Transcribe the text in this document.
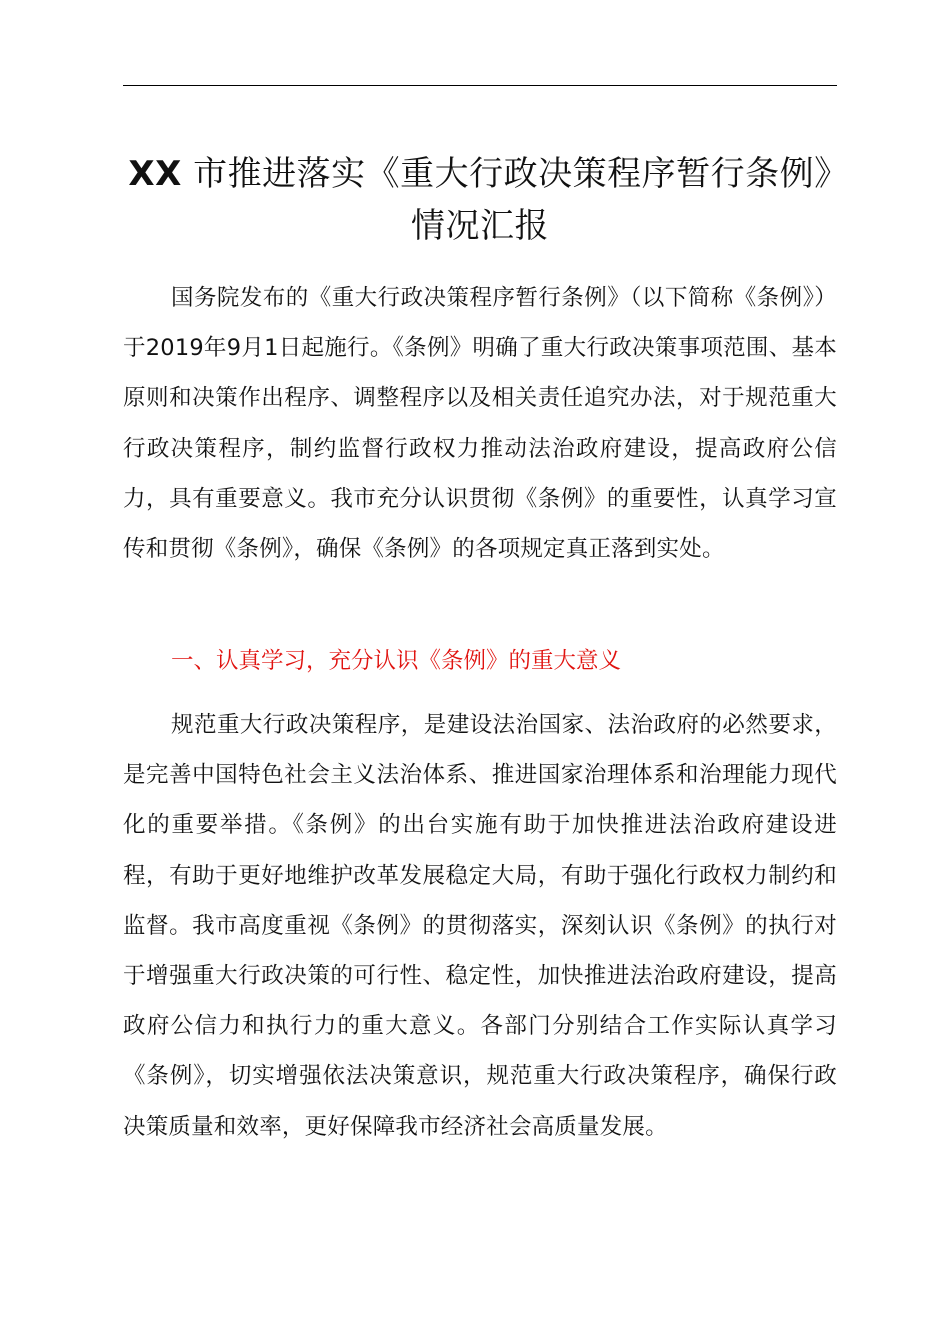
XX 市推进落实《重大行政决策程序暂行条例》情况汇报

国务院发布的《重大行政决策程序暂行条例》（以下简称《条例》）于2019年9月1日起施行。《条例》明确了重大行政决策事项范围、基本原则和决策作出程序、调整程序以及相关责任追究办法，对于规范重大行政决策程序，制约监督行政权力推动法治政府建设，提高政府公信力，具有重要意义。我市充分认识贯彻《条例》的重要性，认真学习宣传和贯彻《条例》，确保《条例》的各项规定真正落到实处。

一、认真学习，充分认识《条例》的重大意义

规范重大行政决策程序，是建设法治国家、法治政府的必然要求，是完善中国特色社会主义法治体系、推进国家治理体系和治理能力现代化的重要举措。《条例》的出台实施有助于加快推进法治政府建设进程，有助于更好地维护改革发展稳定大局，有助于强化行政权力制约和监督。我市高度重视《条例》的贯彻落实，深刻认识《条例》的执行对于增强重大行政决策的可行性、稳定性，加快推进法治政府建设，提高政府公信力和执行力的重大意义。各部门分别结合工作实际认真学习《条例》，切实增强依法决策意识，规范重大行政决策程序，确保行政决策质量和效率，更好保障我市经济社会高质量发展。
